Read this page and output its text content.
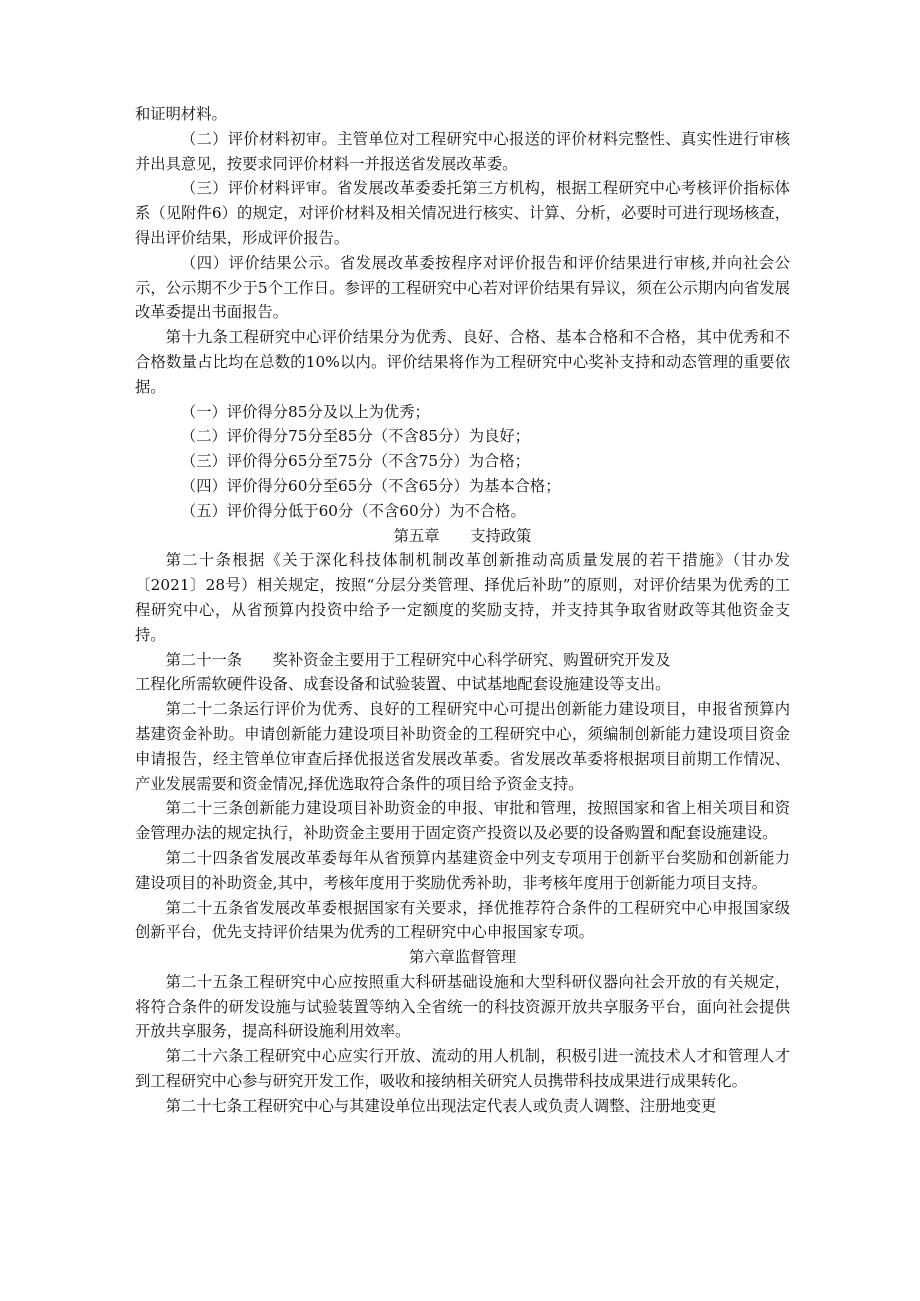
和证明材料。

（二）评价材料初审。主管单位对工程研究中心报送的评价材料完整性、真实性进行审核并出具意见，按要求同评价材料一并报送省发展改革委。

（三）评价材料评审。省发展改革委委托第三方机构，根据工程研究中心考核评价指标体系（见附件6）的规定，对评价材料及相关情况进行核实、计算、分析，必要时可进行现场核查，得出评价结果，形成评价报告。

（四）评价结果公示。省发展改革委按程序对评价报告和评价结果进行审核,并向社会公示，公示期不少于5个工作日。参评的工程研究中心若对评价结果有异议，须在公示期内向省发展改革委提出书面报告。

第十九条工程研究中心评价结果分为优秀、良好、合格、基本合格和不合格，其中优秀和不合格数量占比均在总数的10%以内。评价结果将作为工程研究中心奖补支持和动态管理的重要依据。

（一）评价得分85分及以上为优秀；

（二）评价得分75分至85分（不含85分）为良好；

（三）评价得分65分至75分（不含75分）为合格；

（四）评价得分60分至65分（不含65分）为基本合格；

（五）评价得分低于60分（不含60分）为不合格。

第五章　　支持政策

第二十条根据《关于深化科技体制机制改革创新推动高质量发展的若干措施》（甘办发〔2021〕28号）相关规定，按照“分层分类管理、择优后补助”的原则，对评价结果为优秀的工程研究中心，从省预算内投资中给予一定额度的奖励支持，并支持其争取省财政等其他资金支持。

第二十一条　　奖补资金主要用于工程研究中心科学研究、购置研究开发及

工程化所需软硬件设备、成套设备和试验装置、中试基地配套设施建设等支出。

第二十二条运行评价为优秀、良好的工程研究中心可提出创新能力建设项目，申报省预算内基建资金补助。申请创新能力建设项目补助资金的工程研究中心，须编制创新能力建设项目资金申请报告，经主管单位审查后择优报送省发展改革委。省发展改革委将根据项目前期工作情况、产业发展需要和资金情况,择优选取符合条件的项目给予资金支持。

第二十三条创新能力建设项目补助资金的申报、审批和管理，按照国家和省上相关项目和资金管理办法的规定执行，补助资金主要用于固定资产投资以及必要的设备购置和配套设施建设。

第二十四条省发展改革委每年从省预算内基建资金中列支专项用于创新平台奖励和创新能力建设项目的补助资金,其中，考核年度用于奖励优秀补助，非考核年度用于创新能力项目支持。

第二十五条省发展改革委根据国家有关要求，择优推荐符合条件的工程研究中心申报国家级创新平台，优先支持评价结果为优秀的工程研究中心申报国家专项。

第六章监督管理

第二十五条工程研究中心应按照重大科研基础设施和大型科研仪器向社会开放的有关规定，将符合条件的研发设施与试验装置等纳入全省统一的科技资源开放共享服务平台，面向社会提供开放共享服务，提高科研设施利用效率。

第二十六条工程研究中心应实行开放、流动的用人机制，积极引进一流技术人才和管理人才到工程研究中心参与研究开发工作，吸收和接纳相关研究人员携带科技成果进行成果转化。

第二十七条工程研究中心与其建设单位出现法定代表人或负责人调整、注册地变更
